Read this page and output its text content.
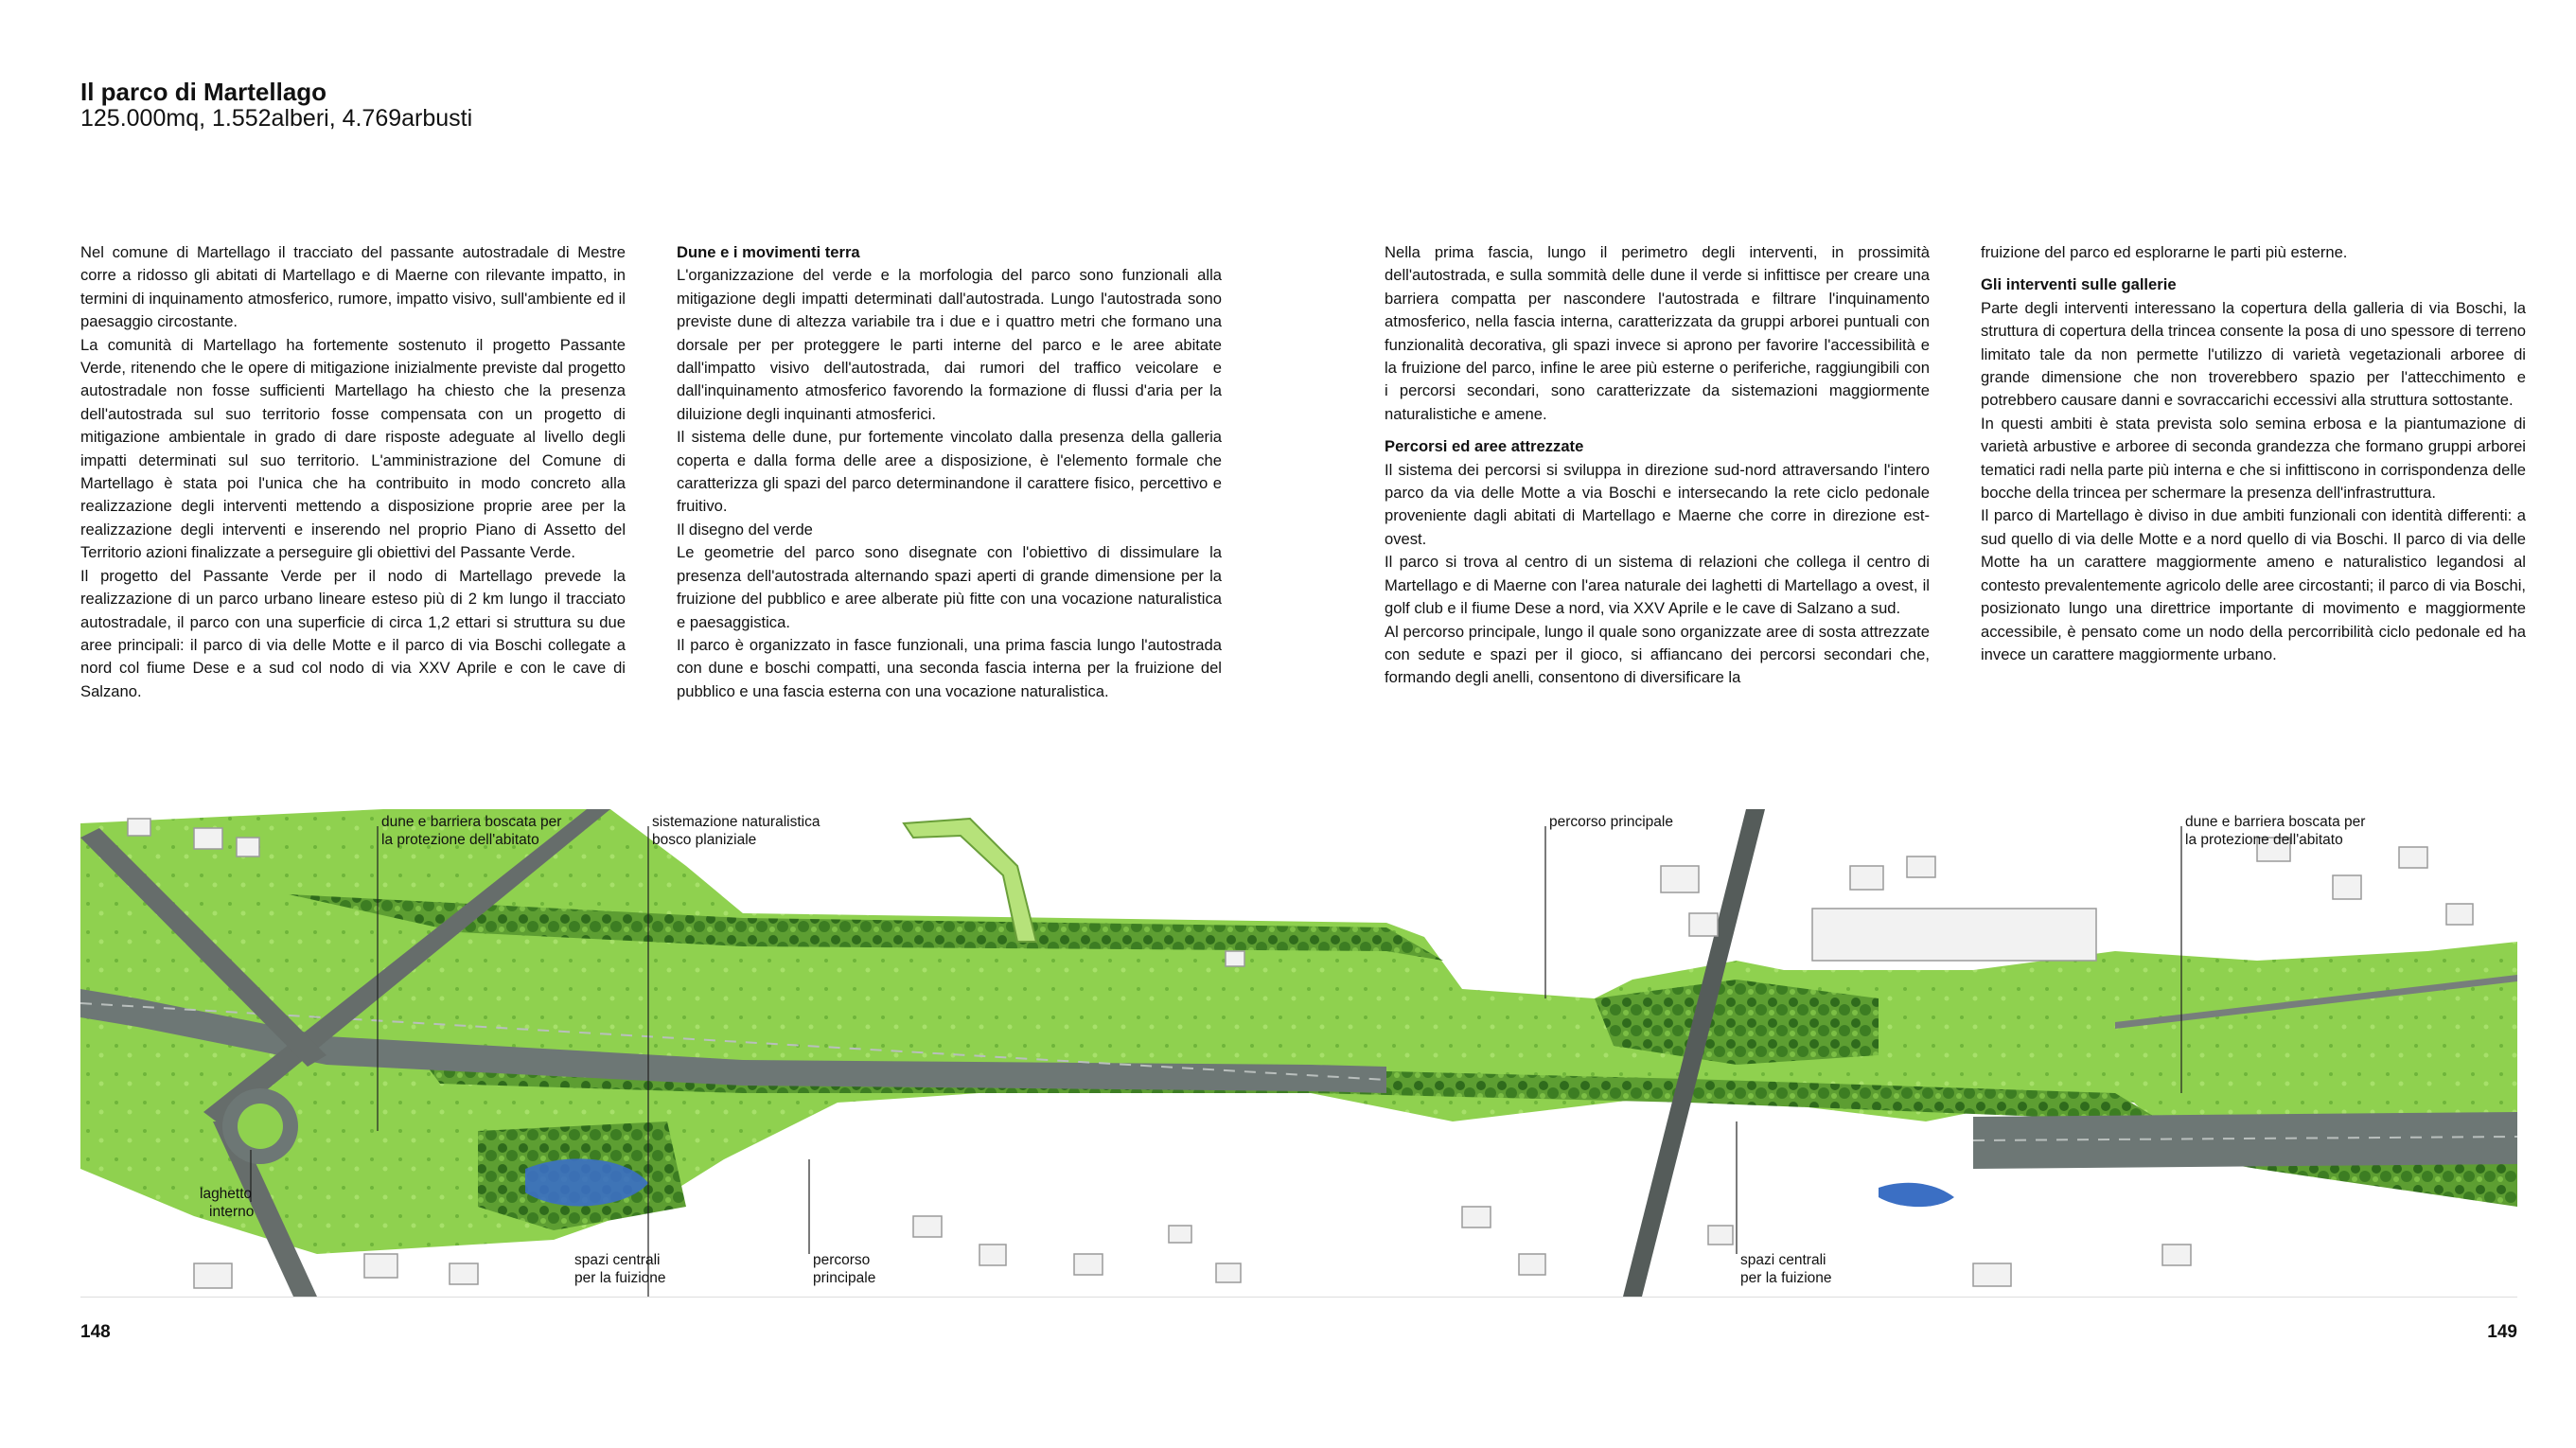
Il parco di Martellago
125.000mq, 1.552alberi, 4.769arbusti

Nel comune di Martellago il tracciato del passante autostradale di Mestre corre a ridosso gli abitati di Martellago e di Maerne con rilevante impatto, in termini di inquinamento atmosferico, rumore, impatto visivo, sull'ambiente ed il paesaggio circostante.

La comunità di Martellago ha fortemente sostenuto il progetto Passante Verde, ritenendo che le opere di mitigazione inizialmente previste dal progetto autostradale non fosse sufficienti Martellago ha chiesto che la presenza dell'autostrada sul suo territorio fosse compensata con un progetto di mitigazione ambientale in grado di dare risposte adeguate al livello degli impatti determinati sul suo territorio. L'amministrazione del Comune di Martellago è stata poi l'unica che ha contribuito in modo concreto alla realizzazione degli interventi mettendo a disposizione proprie aree per la realizzazione degli interventi e inserendo nel proprio Piano di Assetto del Territorio azioni finalizzate a perseguire gli obiettivi del Passante Verde.

Il progetto del Passante Verde per il nodo di Martellago prevede la realizzazione di un parco urbano lineare esteso più di 2 km lungo il tracciato autostradale, il parco con una superficie di circa 1,2 ettari si struttura su due aree principali: il parco di via delle Motte e il parco di via Boschi collegate a nord col fiume Dese e a sud col nodo di via XXV Aprile e con le cave di Salzano.

Dune e i movimenti terra

L'organizzazione del verde e la morfologia del parco sono funzionali alla mitigazione degli impatti determinati dall'autostrada. Lungo l'autostrada sono previste dune di altezza variabile tra i due e i quattro metri che formano una dorsale per per proteggere le parti interne del parco e le aree abitate dall'impatto visivo dell'autostrada, dai rumori del traffico veicolare e dall'inquinamento atmosferico favorendo la formazione di flussi d'aria per la diluizione degli inquinanti atmosferici.

Il sistema delle dune, pur fortemente vincolato dalla presenza della galleria coperta e dalla forma delle aree a disposizione, è l'elemento formale che caratterizza gli spazi del parco determinandone il carattere fisico, percettivo e fruitivo.

Il disegno del verde

Le geometrie del parco sono disegnate con l'obiettivo di dissimulare la presenza dell'autostrada alternando spazi aperti di grande dimensione per la fruizione del pubblico e aree alberate più fitte con una vocazione naturalistica e paesaggistica.

Il parco è organizzato in fasce funzionali, una prima fascia lungo l'autostrada con dune e boschi compatti, una seconda fascia interna per la fruizione del pubblico e una fascia esterna con una vocazione naturalistica.

Nella prima fascia, lungo il perimetro degli interventi, in prossimità dell'autostrada, e sulla sommità delle dune il verde si infittisce per creare una barriera compatta per nascondere l'autostrada e filtrare l'inquinamento atmosferico, nella fascia interna, caratterizzata da gruppi arborei puntuali con funzionalità decorativa, gli spazi invece si aprono per favorire l'accessibilità e la fruizione del parco, infine le aree più esterne o periferiche, raggiungibili con i percorsi secondari, sono caratterizzate da sistemazioni maggiormente naturalistiche e amene.

Percorsi ed aree attrezzate

Il sistema dei percorsi si sviluppa in direzione sud-nord attraversando l'intero parco da via delle Motte a via Boschi e intersecando la rete ciclo pedonale proveniente dagli abitati di Martellago e Maerne che corre in direzione est-ovest.

Il parco si trova al centro di un sistema di relazioni che collega il centro di Martellago e di Maerne con l'area naturale dei laghetti di Martellago a ovest, il golf club e il fiume Dese a nord, via XXV Aprile e le cave di Salzano a sud.

Al percorso principale, lungo il quale sono organizzate aree di sosta attrezzate con sedute e spazi per il gioco, si affiancano dei percorsi secondari che, formando degli anelli, consentono di diversificare la

fruizione del parco ed esplorarne le parti più esterne.

Gli interventi sulle gallerie

Parte degli interventi interessano la copertura della galleria di via Boschi, la struttura di copertura della trincea consente la posa di uno spessore di terreno limitato tale da non permette l'utilizzo di varietà vegetazionali arboree di grande dimensione che non troverebbero spazio per l'attecchimento e potrebbero causare danni e sovraccarichi eccessivi alla struttura sottostante.

In questi ambiti è stata prevista solo semina erbosa e la piantumazione di varietà arbustive e arboree di seconda grandezza che formano gruppi arborei tematici radi nella parte più interna e che si infittiscono in corrispondenza delle bocche della trincea per schermare la presenza dell'infrastruttura.

Il parco di Martellago è diviso in due ambiti funzionali con identità differenti: a sud quello di via delle Motte e a nord quello di via Boschi. Il parco di via delle Motte ha un carattere maggiormente ameno e naturalistico legandosi al contesto prevalentemente agricolo delle aree circostanti; il parco di via Boschi, posizionato lungo una direttrice importante di movimento e maggiormente accessibile, è pensato come un nodo della percorribilità ciclo pedonale ed ha invece un carattere maggiormente urbano.

dune e barriera boscata per
la protezione dell'abitato
sistemazione naturalistica
bosco planiziale
percorso principale	dune e barriera boscata per
la protezione dell'abitato
laghetto
interno
spazi centrali
per la fuizione
percorso
principale
spazi centrali
per la fuizione
148	149
